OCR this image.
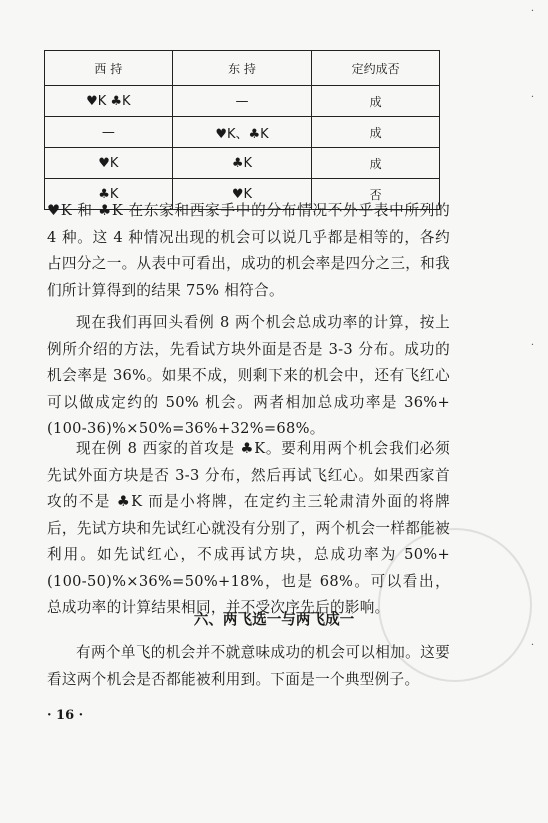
西 持	东 持	定约成否
♥K ♣K	—	成
—	♥K、♣K	成
♥K	♣K	成
♣K	♥K	否

♥K 和 ♣K 在东家和西家手中的分布情况不外乎表中所列的 4 种。这 4 种情况出现的机会可以说几乎都是相等的，各约占四分之一。从表中可看出，成功的机会率是四分之三，和我们所计算得到的结果 75% 相符合。

现在我们再回头看例 8 两个机会总成功率的计算，按上例所介绍的方法，先看试方块外面是否是 3-3 分布。成功的机会率是 36%。如果不成，则剩下来的机会中，还有飞红心可以做成定约的 50% 机会。两者相加总成功率是 36%+(100-36)%×50%=36%+32%=68%。

现在例 8 西家的首攻是 ♣K。要利用两个机会我们必须先试外面方块是否 3-3 分布，然后再试飞红心。如果西家首攻的不是 ♣K 而是小将牌，在定约主三轮肃清外面的将牌后，先试方块和先试红心就没有分别了，两个机会一样都能被利用。如先试红心，不成再试方块，总成功率为 50%+(100-50)%×36%=50%+18%，也是 68%。可以看出，总成功率的计算结果相同，并不受次序先后的影响。

六、两飞选一与两飞成一

有两个单飞的机会并不就意味成功的机会可以相加。这要看这两个机会是否都能被利用到。下面是一个典型例子。

· 16 ·
·
·
·
·
